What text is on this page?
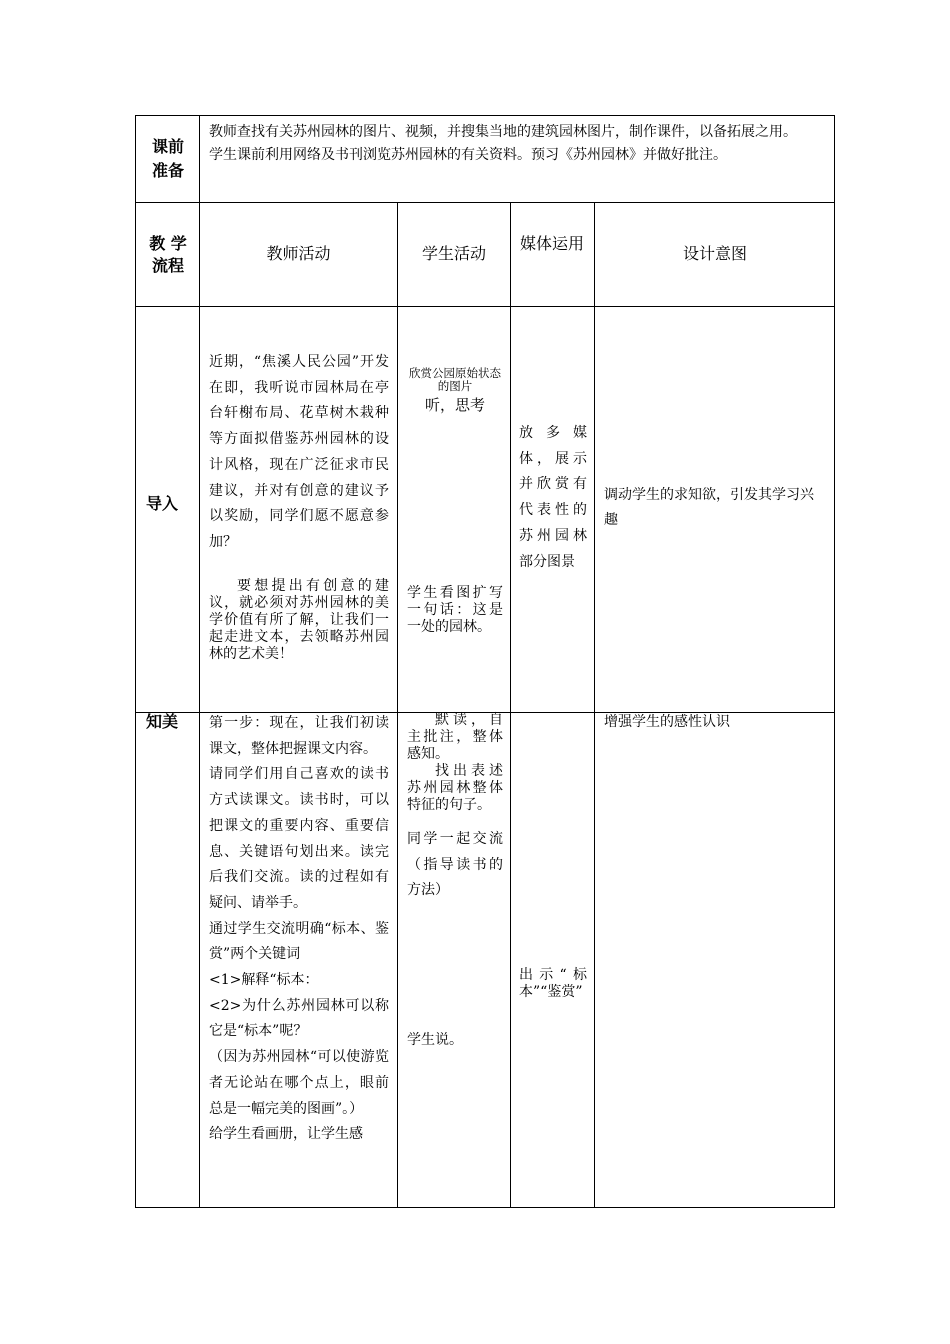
课前准备

教师查找有关苏州园林的图片、视频，并搜集当地的建筑园林图片，制作课件，以备拓展之用。

学生课前利用网络及书刊浏览苏州园林的有关资料。预习《苏州园林》并做好批注。

教 学流程
教师活动	学生活动
媒体运用
设计意图
导入
近期，“焦溪人民公园”开发在即，我听说市园林局在亭台轩榭布局、花草树木栽种等方面拟借鉴苏州园林的设计风格，现在广泛征求市民建议，并对有创意的建议予以奖励，同学们愿不愿意参加？
要想提出有创意的建议，就必须对苏州园林的美学价值有所了解，让我们一起走进文本，去领略苏州园林的艺术美！
欣赏公园原始状态的图片
听，思考
学生看图扩写一句话：这是一处的园林。
放多媒体，展示并欣赏有代表性的苏州园林部分图景
调动学生的求知欲，引发其学习兴趣
知美 第一步：现在，让我们初读课文，整体把握课文内容。

请同学们用自己喜欢的读书方式读课文。读书时，可以把课文的重要内容、重要信息、关键语句划出来。读完后我们交流。读的过程如有疑问、请举手。

通过学生交流明确“标本、鉴赏”两个关键词

<1>解释“标本：

<2>为什么苏州园林可以称它是“标本”呢？

（因为苏州园林“可以使游览者无论站在哪个点上，眼前总是一幅完美的图画”。）

给学生看画册，让学生感

默读，自主批注，整体感知。
找出表述苏州园林整体特征的句子。
同学一起交流（指导读书的方法）
学生说。
出示“标本”“鉴赏”
增强学生的感性认识
